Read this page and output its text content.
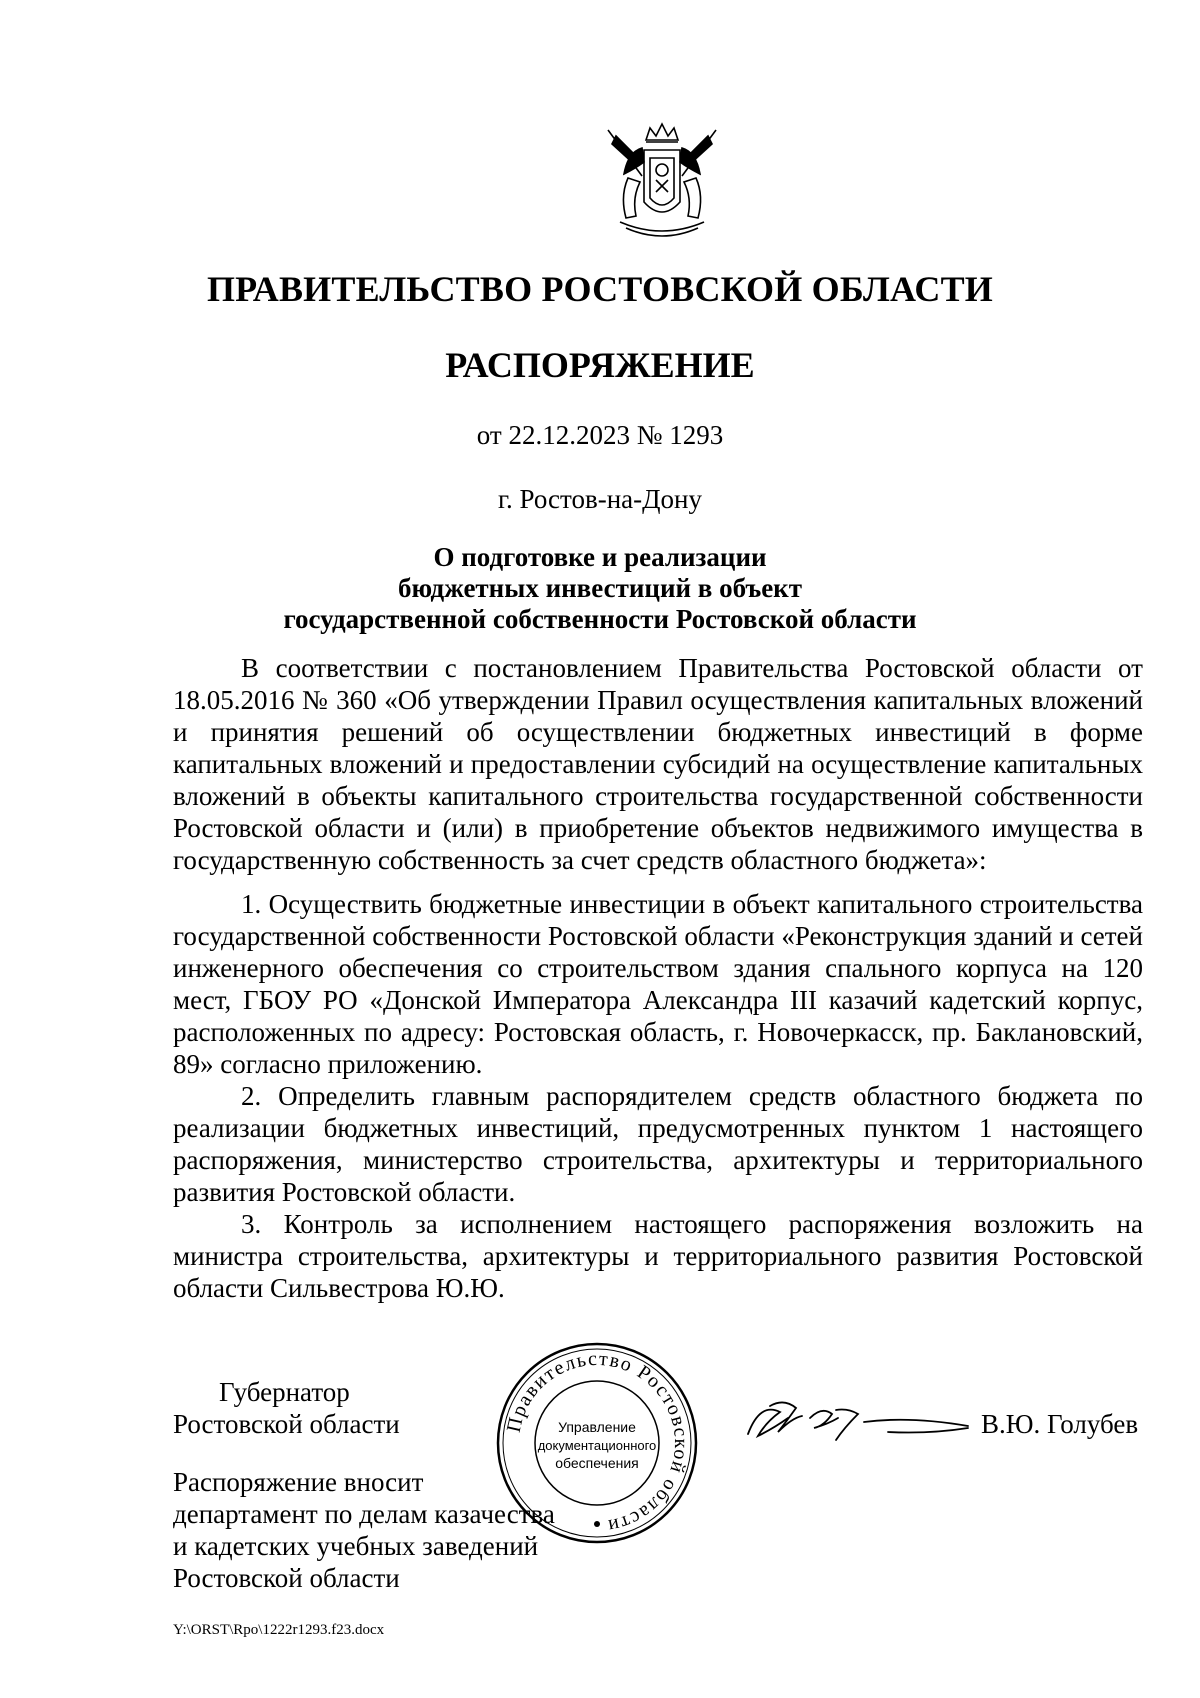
ПРАВИТЕЛЬСТВО РОСТОВСКОЙ ОБЛАСТИ
РАСПОРЯЖЕНИЕ
от 22.12.2023 № 1293
г. Ростов-на-Дону
О подготовке и реализации
бюджетных инвестиций в объект
государственной собственности Ростовской области

В соответствии с постановлением Правительства Ростовской области от 18.05.2016 № 360 «Об утверждении Правил осуществления капитальных вложений и принятия решений об осуществлении бюджетных инвестиций в форме капитальных вложений и предоставлении субсидий на осуществление капитальных вложений в объекты капитального строительства государственной собственности Ростовской области и (или) в приобретение объектов недвижимого имущества в государственную собственность за счет средств областного бюджета»:

1. Осуществить бюджетные инвестиции в объект капитального строительства государственной собственности Ростовской области «Реконструкция зданий и сетей инженерного обеспечения со строительством здания спального корпуса на 120 мест, ГБОУ РО «Донской Императора Александра III казачий кадетский корпус, расположенных по адресу: Ростовская область, г. Новочеркасск, пр. Баклановский, 89» согласно приложению.

2. Определить главным распорядителем средств областного бюджета по реализации бюджетных инвестиций, предусмотренных пунктом 1 настоящего распоряжения, министерство строительства, архитектуры и территориального развития Ростовской области.

3. Контроль за исполнением настоящего распоряжения возложить на министра строительства, архитектуры и территориального развития Ростовской области Сильвестрова Ю.Ю.

Губернатор
Ростовской области	В.Ю. Голубев
Правительство Ростовской области
Управление
документационного
обеспечения
Распоряжение вносит
департамент по делам казачества
и кадетских учебных заведений
Ростовской области
Y:\ORST\Rpo\1222r1293.f23.docx
